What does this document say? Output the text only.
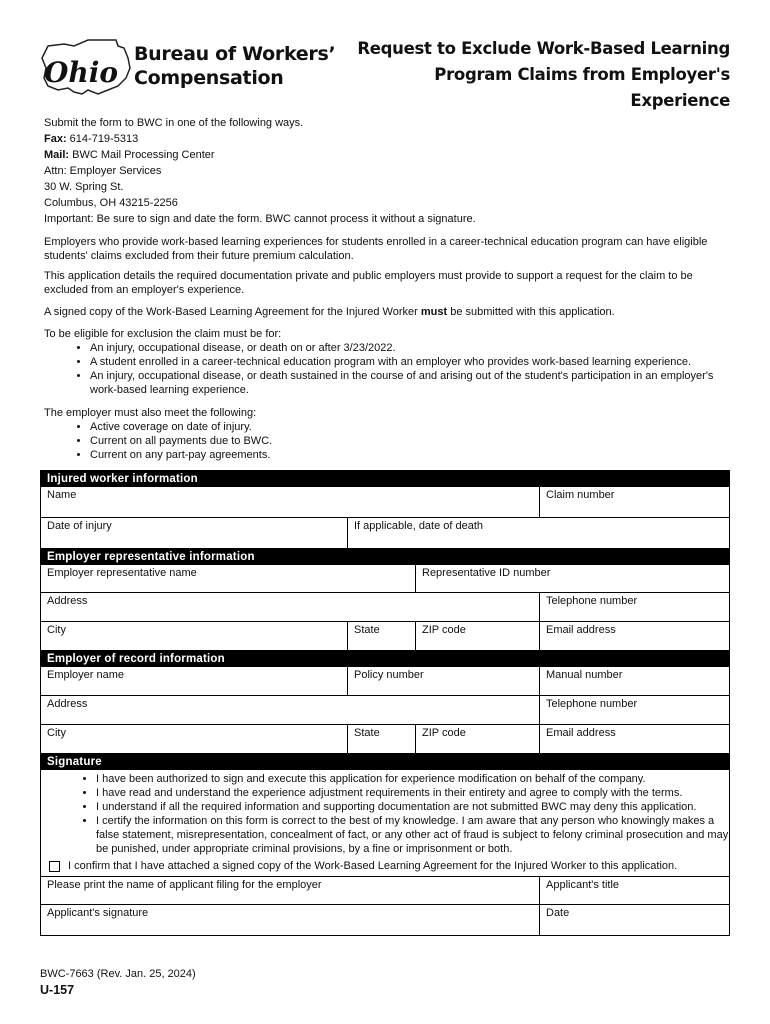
Ohio
Bureau of Workers’
Compensation
Request to Exclude Work-Based Learning
Program Claims from Employer's Experience
Submit the form to BWC in one of the following ways.
Fax: 614-719-5313
Mail: BWC Mail Processing Center
Attn: Employer Services
30 W. Spring St.
Columbus, OH 43215-2256
Important: Be sure to sign and date the form. BWC cannot process it without a signature.
Employers who provide work-based learning experiences for students enrolled in a career-technical education program can have eligible students' claims excluded from their future premium calculation.
This application details the required documentation private and public employers must provide to support a request for the claim to be excluded from an employer's experience.
A signed copy of the Work-Based Learning Agreement for the Injured Worker must be submitted with this application.
To be eligible for exclusion the claim must be for:
• An injury, occupational disease, or death on or after 3/23/2022.
• A student enrolled in a career-technical education program with an employer who provides work-based learning experience.
• An injury, occupational disease, or death sustained in the course of and arising out of the student's participation in an employer's work-based learning experience.
The employer must also meet the following:
• Active coverage on date of injury.
• Current on all payments due to BWC.
• Current on any part-pay agreements.
Injured worker information
Name	Claim number
Date of injury	If applicable, date of death
Employer representative information
Employer representative name	Representative ID number
Address	Telephone number
City	State	ZIP code	Email address
Employer of record information
Employer name	Policy number	Manual number
Address	Telephone number
City	State	ZIP code	Email address
Signature
• I have been authorized to sign and execute this application for experience modification on behalf of the company.
• I have read and understand the experience adjustment requirements in their entirety and agree to comply with the terms.
• I understand if all the required information and supporting documentation are not submitted BWC may deny this application.
• I certify the information on this form is correct to the best of my knowledge. I am aware that any person who knowingly makes a false statement, misrepresentation, concealment of fact, or any other act of fraud is subject to felony criminal prosecution and may be punished, under appropriate criminal provisions, by a fine or imprisonment or both.
I confirm that I have attached a signed copy of the Work-Based Learning Agreement for the Injured Worker to this application.
Please print the name of applicant filing for the employer	Applicant's title
Applicant's signature	Date
BWC-7663 (Rev. Jan. 25, 2024)
U-157
